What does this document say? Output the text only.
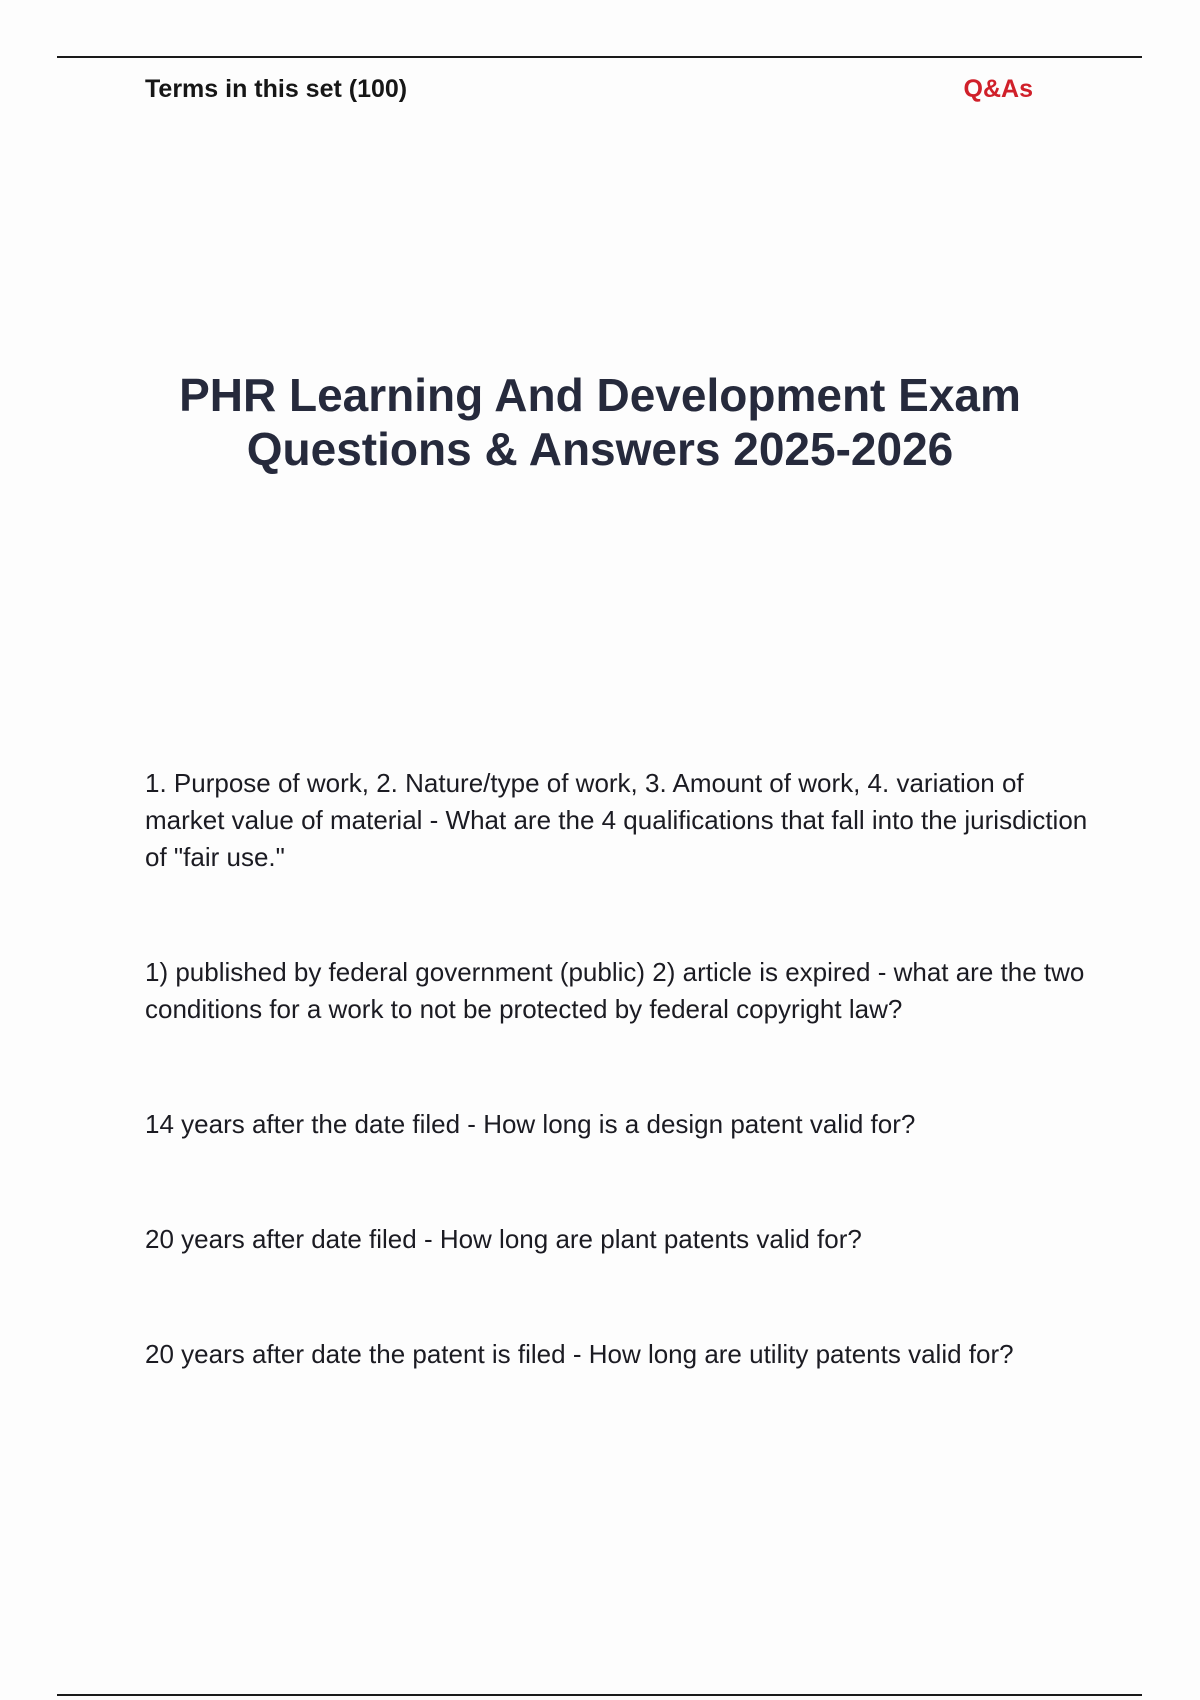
Terms in this set (100)	Q&As
PHR Learning And Development Exam
Questions & Answers 2025-2026
1. Purpose of work, 2. Nature/type of work, 3. Amount of work, 4. variation of market value of material - What are the 4 qualifications that fall into the jurisdiction of "fair use."
1) published by federal government (public) 2) article is expired - what are the two conditions for a work to not be protected by federal copyright law?
14 years after the date filed - How long is a design patent valid for?
20 years after date filed - How long are plant patents valid for?
20 years after date the patent is filed - How long are utility patents valid for?
